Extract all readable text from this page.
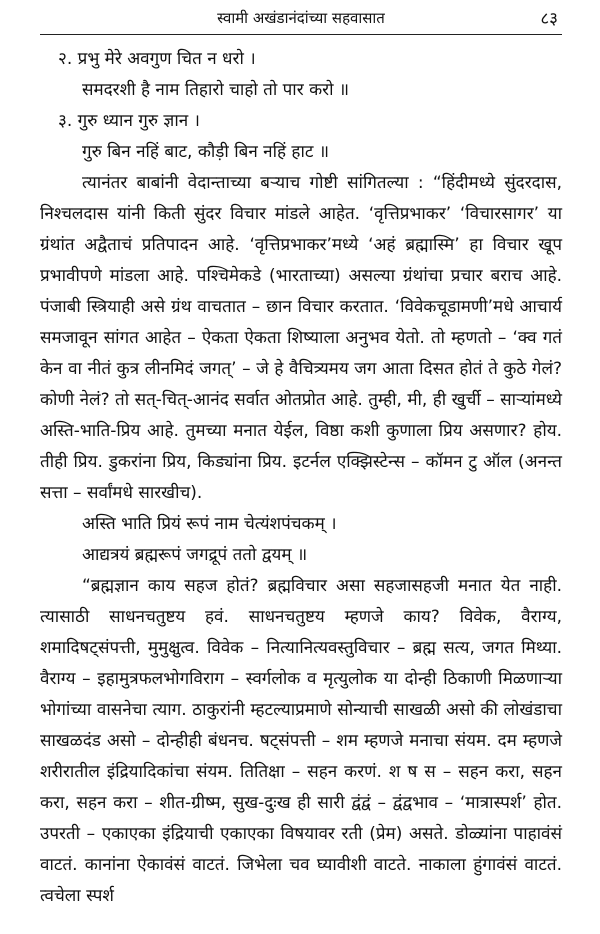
स्वामी अखंडानंदांच्या सहवासात	८३
२. प्रभु मेरे अवगुण चित न धरो ।
समदरशी है नाम तिहारो चाहो तो पार करो ॥
३. गुरु ध्यान गुरु ज्ञान ।
गुरु बिन नहिं बाट, कौड़ी बिन नहिं हाट ॥

त्यानंतर बाबांनी वेदान्ताच्या बऱ्याच गोष्टी सांगितल्या : “हिंदीमध्ये सुंदरदास, निश्चलदास यांनी किती सुंदर विचार मांडले आहेत. ‘वृत्तिप्रभाकर’ ‘विचारसागर’ या ग्रंथांत अद्वैताचं प्रतिपादन आहे. ‘वृत्तिप्रभाकर’मध्ये ‘अहं ब्रह्मास्मि’ हा विचार खूप प्रभावीपणे मांडला आहे. पश्चिमेकडे (भारताच्या) असल्या ग्रंथांचा प्रचार बराच आहे. पंजाबी स्त्रियाही असे ग्रंथ वाचतात – छान विचार करतात. ‘विवेकचूडामणी’मधे आचार्य समजावून सांगत आहेत – ऐकता ऐकता शिष्याला अनुभव येतो. तो म्हणतो – ‘क्व गतं केन वा नीतं कुत्र लीनमिदं जगत्’ – जे हे वैचित्र्यमय जग आता दिसत होतं ते कुठे गेलं? कोणी नेलं? तो सत्-चित्-आनंद सर्वात ओतप्रोत आहे. तुम्ही, मी, ही खुर्ची – साऱ्यांमध्ये अस्ति-भाति-प्रिय आहे. तुमच्या मनात येईल, विष्ठा कशी कुणाला प्रिय असणार? होय. तीही प्रिय. डुकरांना प्रिय, किड्यांना प्रिय. इटर्नल एक्झिस्टेन्स – कॉमन टु ऑल (अनन्त सत्ता – सर्वांमधे सारखीच).

अस्ति भाति प्रियं रूपं नाम चेत्यंशपंचकम् ।
आद्यत्रयं ब्रह्मरूपं जगद्रूपं ततो द्वयम् ॥

“ब्रह्मज्ञान काय सहज होतं? ब्रह्मविचार असा सहजासहजी मनात येत नाही. त्यासाठी साधनचतुष्टय हवं. साधनचतुष्टय म्हणजे काय? विवेक, वैराग्य, शमादिषट्संपत्ती, मुमुक्षुत्व. विवेक – नित्यानित्यवस्तुविचार – ब्रह्म सत्य, जगत मिथ्या. वैराग्य – इहामुत्रफलभोगविराग – स्वर्गलोक व मृत्युलोक या दोन्ही ठिकाणी मिळणाऱ्या भोगांच्या वासनेचा त्याग. ठाकुरांनी म्हटल्याप्रमाणे सोन्याची साखळी असो की लोखंडाचा साखळदंड असो – दोन्हीही बंधनच. षट्संपत्ती – शम म्हणजे मनाचा संयम. दम म्हणजे शरीरातील इंद्रियादिकांचा संयम. तितिक्षा – सहन करणं. श ष स – सहन करा, सहन करा, सहन करा – शीत-ग्रीष्म, सुख-दुःख ही सारी द्वंद्वं – द्वंद्वभाव – ‘मात्रास्पर्श’ होत. उपरती – एकाएका इंद्रियाची एकाएका विषयावर रती (प्रेम) असते. डोळ्यांना पाहावंसं वाटतं. कानांना ऐकावंसं वाटतं. जिभेला चव घ्यावीशी वाटते. नाकाला हुंगावंसं वाटतं. त्वचेला स्पर्श
